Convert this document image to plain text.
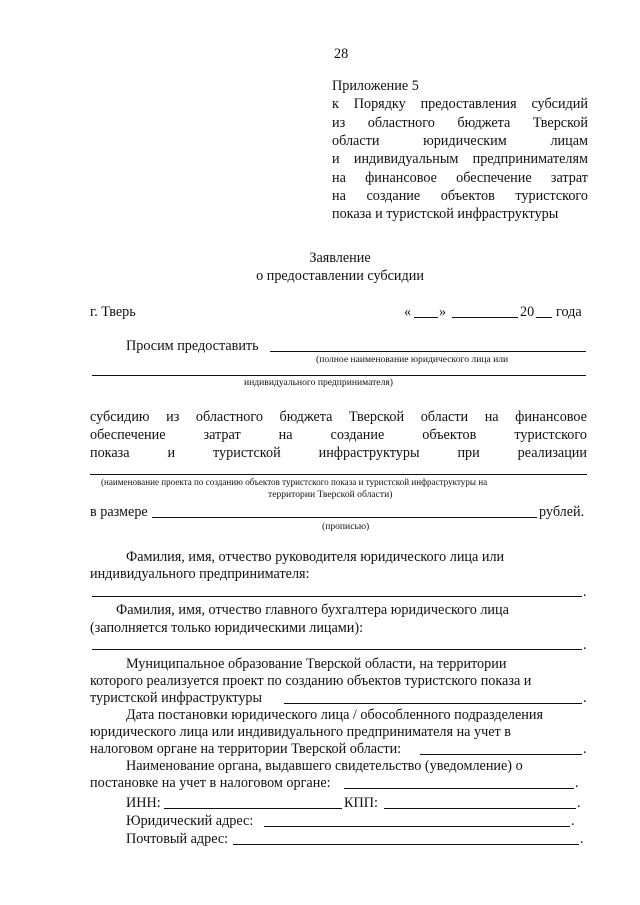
28
Приложение 5
к Порядку предоставления субсидий
из областного бюджета Тверской
области	юридическим	лицам
и индивидуальным предпринимателям
на финансовое обеспечение затрат
на создание объектов туристского
показа и туристской инфраструктуры
Заявление
о предоставлении субсидии
г. Тверь	« »	20 года
Просим предоставить
(полное наименование юридического лица или
индивидуального предпринимателя)
субсидию из областного бюджета Тверской области на финансовое
обеспечение	затрат	на	создание	объектов	туристского
показа	и	туристской	инфраструктуры	при	реализации
(наименование проекта по созданию объектов туристского показа и туристской инфраструктуры на
территории Тверской области)
в размере	рублей.
(прописью)
Фамилия, имя, отчество руководителя юридического лица или
индивидуального предпринимателя:
.
Фамилия, имя, отчество главного бухгалтера юридического лица
(заполняется только юридическими лицами):
.
Муниципальное образование Тверской области, на территории
которого реализуется проект по созданию объектов туристского показа и
туристской инфраструктуры	.
Дата постановки юридического лица / обособленного подразделения
юридического лица или индивидуального предпринимателя на учет в
налоговом органе на территории Тверской области:	.
Наименование органа, выдавшего свидетельство (уведомление) о
постановке на учет в налоговом органе:	.
ИНН:	КПП:	.
Юридический адрес:	.
Почтовый адрес:	.
